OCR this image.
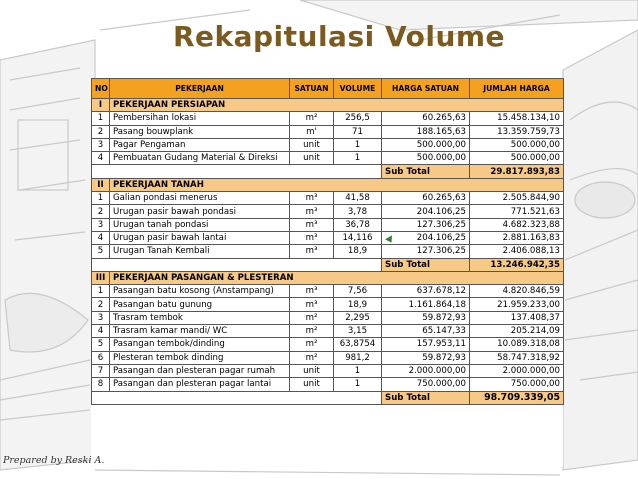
Rekapitulasi Volume
NO	PEKERJAAN	SATUAN	VOLUME	HARGA SATUAN	JUMLAH HARGA
I	PEKERJAAN PERSIAPAN				
1	Pembersihan lokasi	m²	256,5	60.265,63	15.458.134,10
2	Pasang bouwplank	m'	71	188.165,63	13.359.759,73
3	Pagar Pengaman	unit	1	500.000,00	500.000,00
4	Pembuatan Gudang Material & Direksi	unit	1	500.000,00	500.000,00
				Sub Total	29.817.893,83
II	PEKERJAAN TANAH				
1	Galian pondasi menerus	m³	41,58	60.265,63	2.505.844,90
2	Urugan pasir bawah pondasi	m³	3,78	204.106,25	771.521,63
3	Urugan tanah pondasi	m³	36,78	127.306,25	4.682.323,88
4	Urugan pasir bawah lantai	m³	14,116	204.106,25	2.881.163,83
5	Urugan Tanah Kembali	m³	18,9	127.306,25	2.406.088,13
				Sub Total	13.246.942,35
III	PEKERJAAN PASANGAN & PLESTERAN				
1	Pasangan batu kosong (Anstampang)	m³	7,56	637.678,12	4.820.846,59
2	Pasangan batu gunung	m³	18,9	1.161.864,18	21.959.233,00
3	Trasram tembok	m²	2,295	59.872,93	137.408,37
4	Trasram kamar mandi/ WC	m²	3,15	65.147,33	205.214,09
5	Pasangan tembok/dinding	m²	63,8754	157.953,11	10.089.318,08
6	Plesteran tembok dinding	m²	981,2	59.872,93	58.747.318,92
7	Pasangan dan plesteran pagar rumah	unit	1	2.000.000,00	2.000.000,00
8	Pasangan dan plesteran pagar lantai	unit	1	750.000,00	750.000,00
				Sub Total	98.709.339,05
Prepared by Reski A.
